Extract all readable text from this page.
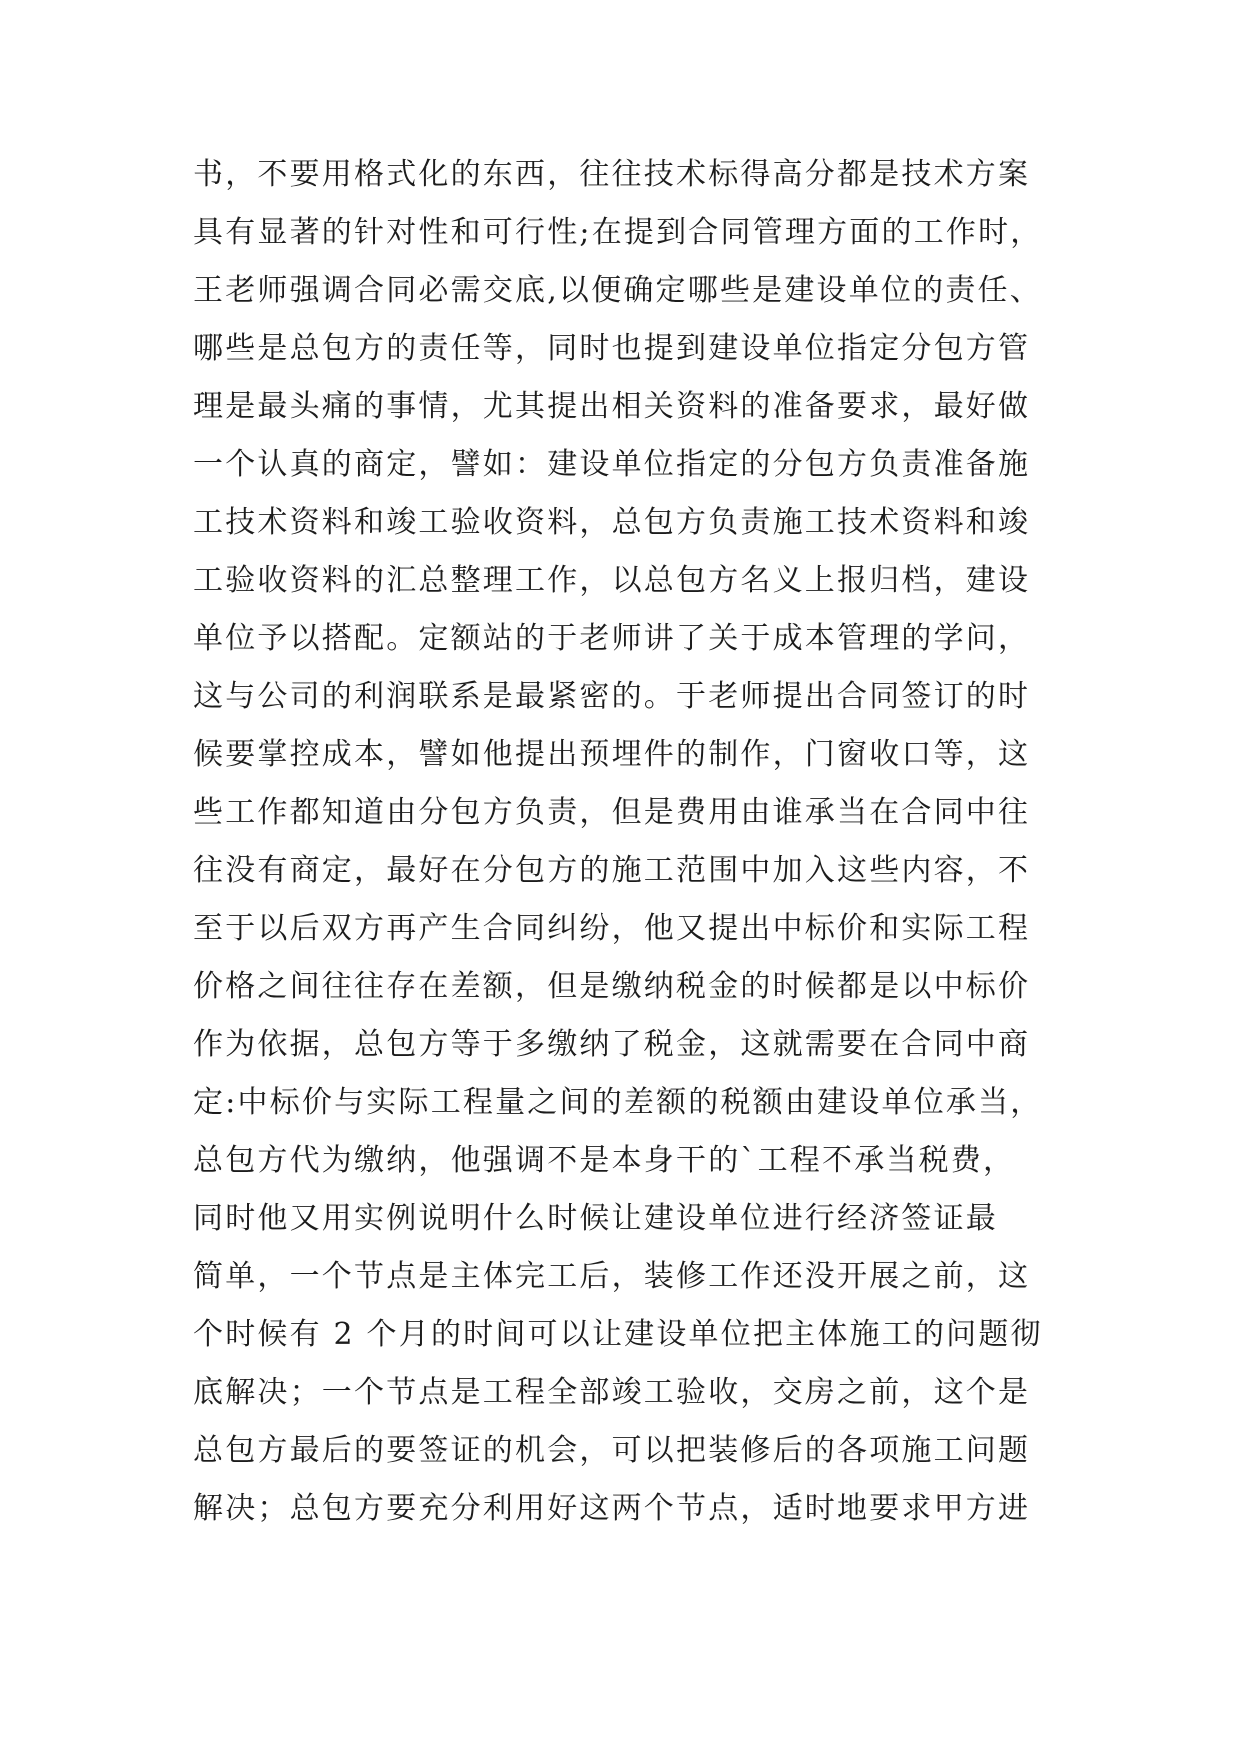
书，不要用格式化的东西，往往技术标得高分都是技术方案
具有显著的针对性和可行性;在提到合同管理方面的工作时，
王老师强调合同必需交底,以便确定哪些是建设单位的责任、
哪些是总包方的责任等，同时也提到建设单位指定分包方管
理是最头痛的事情，尤其提出相关资料的准备要求，最好做
一个认真的商定，譬如：建设单位指定的分包方负责准备施
工技术资料和竣工验收资料，总包方负责施工技术资料和竣
工验收资料的汇总整理工作，以总包方名义上报归档，建设
单位予以搭配。定额站的于老师讲了关于成本管理的学问，
这与公司的利润联系是最紧密的。于老师提出合同签订的时
候要掌控成本，譬如他提出预埋件的制作，门窗收口等，这
些工作都知道由分包方负责，但是费用由谁承当在合同中往
往没有商定，最好在分包方的施工范围中加入这些内容，不
至于以后双方再产生合同纠纷，他又提出中标价和实际工程
价格之间往往存在差额，但是缴纳税金的时候都是以中标价
作为依据，总包方等于多缴纳了税金，这就需要在合同中商
定:中标价与实际工程量之间的差额的税额由建设单位承当，
总包方代为缴纳，他强调不是本身干的`工程不承当税费，
同时他又用实例说明什么时候让建设单位进行经济签证最
简单，一个节点是主体完工后，装修工作还没开展之前，这
个时候有 2 个月的时间可以让建设单位把主体施工的问题彻
底解决；一个节点是工程全部竣工验收，交房之前，这个是
总包方最后的要签证的机会，可以把装修后的各项施工问题
解决；总包方要充分利用好这两个节点，适时地要求甲方进
